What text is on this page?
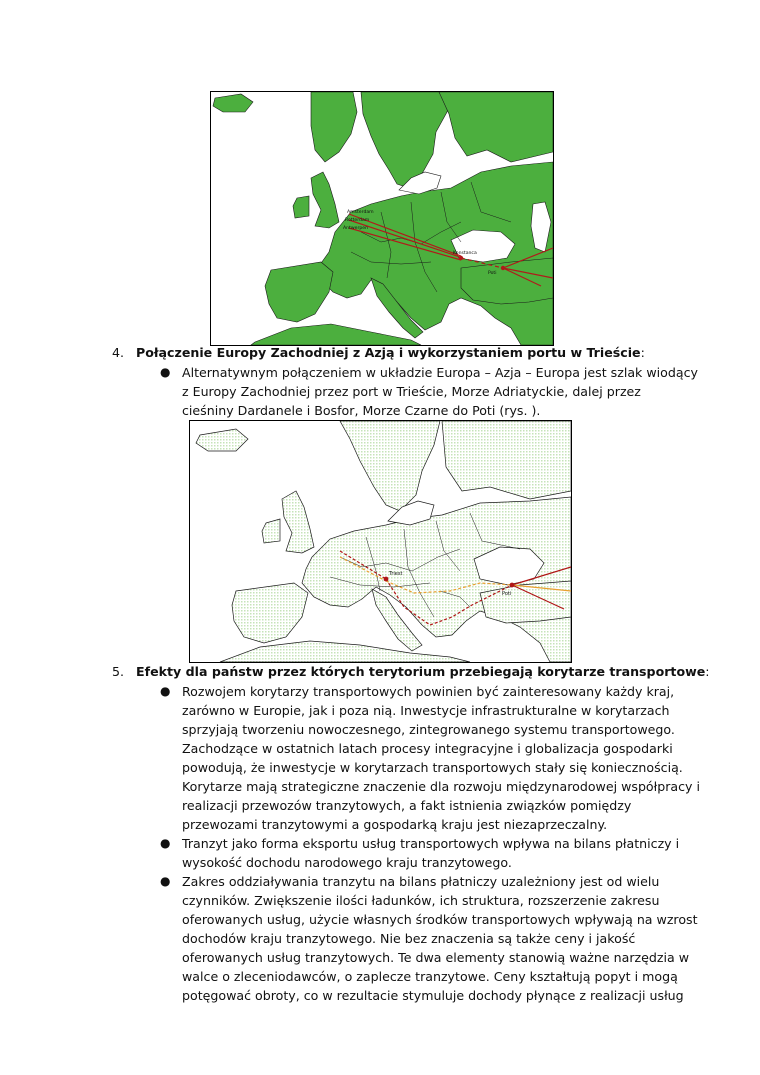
Amsterdam
Rotterdam
Antwerpen
Konstanca
Poti
4. Połączenie Europy Zachodniej z Azją i wykorzystaniem portu w Trieście:
● Alternatywnym połączeniem w układzie Europa – Azja – Europa jest szlak wiodący
z Europy Zachodniej przez port w Trieście, Morze Adriatyckie, dalej przez
cieśniny Dardanele i Bosfor, Morze Czarne do Poti (rys. ).
Triest
Poti
5. Efekty dla państw przez których terytorium przebiegają korytarze transportowe:
● Rozwojem korytarzy transportowych powinien być zainteresowany każdy kraj,
zarówno w Europie, jak i poza nią. Inwestycje infrastrukturalne w korytarzach
sprzyjają tworzeniu nowoczesnego, zintegrowanego systemu transportowego.
Zachodzące w ostatnich latach procesy integracyjne i globalizacja gospodarki
powodują, że inwestycje w korytarzach transportowych stały się koniecznością.
Korytarze mają strategiczne znaczenie dla rozwoju międzynarodowej współpracy i
realizacji przewozów tranzytowych, a fakt istnienia związków pomiędzy
przewozami tranzytowymi a gospodarką kraju jest niezaprzeczalny.
● Tranzyt jako forma eksportu usług transportowych wpływa na bilans płatniczy i
wysokość dochodu narodowego kraju tranzytowego.
● Zakres oddziaływania tranzytu na bilans płatniczy uzależniony jest od wielu
czynników. Zwiększenie ilości ładunków, ich struktura, rozszerzenie zakresu
oferowanych usług, użycie własnych środków transportowych wpływają na wzrost
dochodów kraju tranzytowego. Nie bez znaczenia są także ceny i jakość
oferowanych usług tranzytowych. Te dwa elementy stanowią ważne narzędzia w
walce o zleceniodawców, o zaplecze tranzytowe. Ceny kształtują popyt i mogą
potęgować obroty, co w rezultacie stymuluje dochody płynące z realizacji usług
